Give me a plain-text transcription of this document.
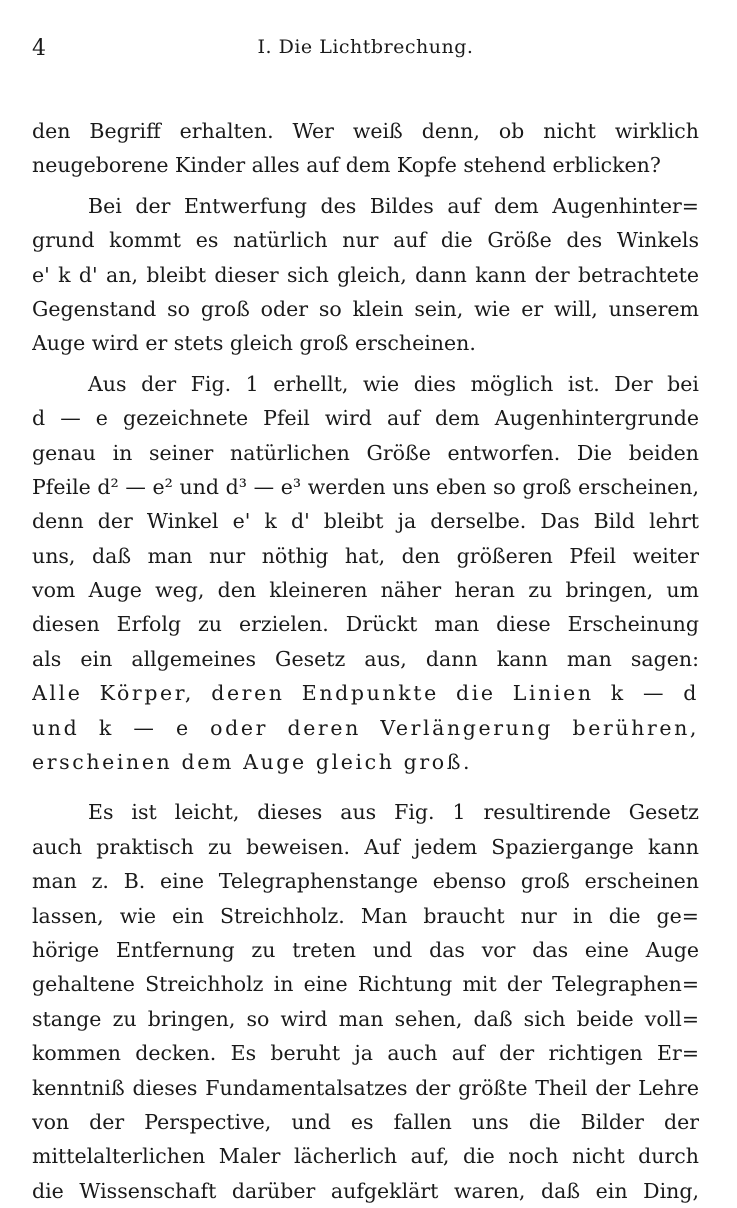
4	I. Die Lichtbrechung.
den Begriff erhalten. Wer weiß denn, ob nicht wirklich
neugeborene Kinder alles auf dem Kopfe stehend erblicken?
Bei der Entwerfung des Bildes auf dem Augenhinter=
grund kommt es natürlich nur auf die Größe des Winkels
e' k d' an, bleibt dieser sich gleich, dann kann der betrachtete
Gegenstand so groß oder so klein sein, wie er will, unserem
Auge wird er stets gleich groß erscheinen.
Aus der Fig. 1 erhellt, wie dies möglich ist. Der bei
d — e gezeichnete Pfeil wird auf dem Augenhintergrunde
genau in seiner natürlichen Größe entworfen. Die beiden
Pfeile d² — e² und d³ — e³ werden uns eben so groß erscheinen,
denn der Winkel e' k d' bleibt ja derselbe. Das Bild lehrt
uns, daß man nur nöthig hat, den größeren Pfeil weiter
vom Auge weg, den kleineren näher heran zu bringen, um
diesen Erfolg zu erzielen. Drückt man diese Erscheinung
als ein allgemeines Gesetz aus, dann kann man sagen:
Alle Körper, deren Endpunkte die Linien k — d
und k — e oder deren Verlängerung berühren,
erscheinen dem Auge gleich groß.
Es ist leicht, dieses aus Fig. 1 resultirende Gesetz
auch praktisch zu beweisen. Auf jedem Spaziergange kann
man z. B. eine Telegraphenstange ebenso groß erscheinen
lassen, wie ein Streichholz. Man braucht nur in die ge=
hörige Entfernung zu treten und das vor das eine Auge
gehaltene Streichholz in eine Richtung mit der Telegraphen=
stange zu bringen, so wird man sehen, daß sich beide voll=
kommen decken. Es beruht ja auch auf der richtigen Er=
kenntniß dieses Fundamentalsatzes der größte Theil der Lehre
von der Perspective, und es fallen uns die Bilder der
mittelalterlichen Maler lächerlich auf, die noch nicht durch
die Wissenschaft darüber aufgeklärt waren, daß ein Ding,
